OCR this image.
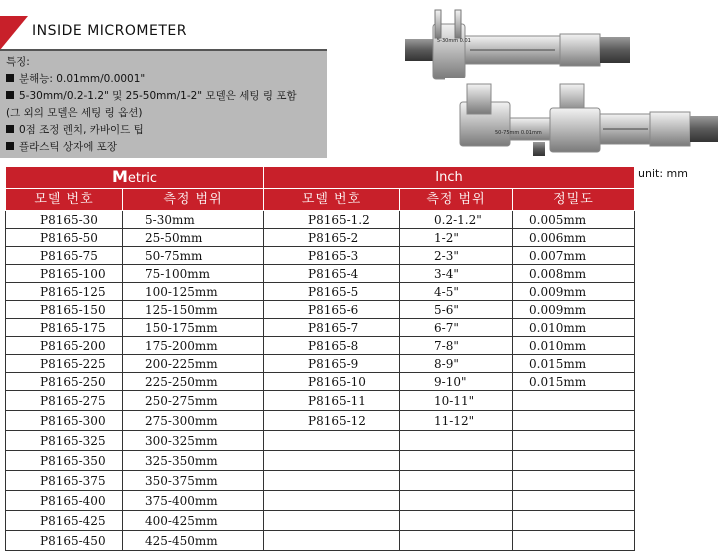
INSIDE MICROMETER
특징:
분해능: 0.01mm/0.0001"
5-30mm/0.2-1.2" 및 25-50mm/1-2" 모델은 세팅 링 포함
(그 외의 모델은 세팅 링 옵션)
0점 조정 렌치, 카바이드 팁
플라스틱 상자에 포장
5-30mm 0.01
50-75mm 0.01mm
unit: mm
Metric		Inch		
모델 번호	측정 범위	모델 번호	측정 범위	정밀도
P8165-30	5-30mm	P8165-1.2	0.2-1.2"	0.005mm
P8165-50	25-50mm	P8165-2	1-2"	0.006mm
P8165-75	50-75mm	P8165-3	2-3"	0.007mm
P8165-100	75-100mm	P8165-4	3-4"	0.008mm
P8165-125	100-125mm	P8165-5	4-5"	0.009mm
P8165-150	125-150mm	P8165-6	5-6"	0.009mm
P8165-175	150-175mm	P8165-7	6-7"	0.010mm
P8165-200	175-200mm	P8165-8	7-8"	0.010mm
P8165-225	200-225mm	P8165-9	8-9"	0.015mm
P8165-250	225-250mm	P8165-10	9-10"	0.015mm
P8165-275	250-275mm	P8165-11	10-11"	
P8165-300	275-300mm	P8165-12	11-12"	
P8165-325	300-325mm			
P8165-350	325-350mm			
P8165-375	350-375mm			
P8165-400	375-400mm			
P8165-425	400-425mm			
P8165-450	425-450mm			
